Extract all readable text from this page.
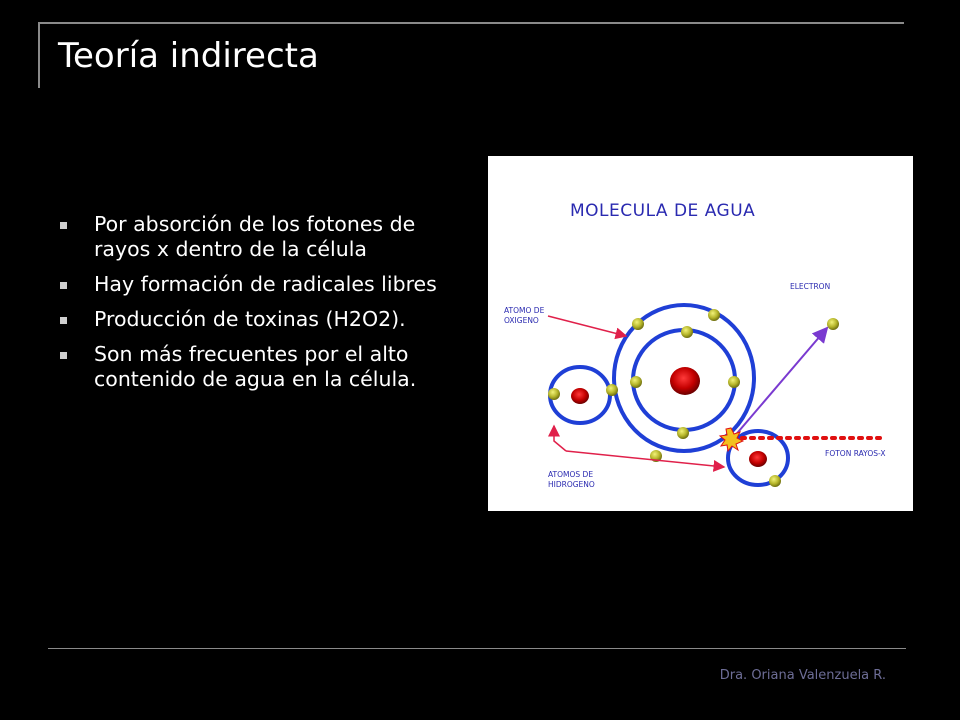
Teoría indirecta
Por absorción de los fotones de rayos x dentro de la célula
Hay formación de radicales libres
Producción de toxinas (H2O2).
Son más frecuentes por el alto contenido de agua en la célula.
MOLECULA DE AGUA
ELECTRON
ATOMO DE
OXIGENO
ATOMOS DE
HIDROGENO
FOTON RAYOS-X
Dra. Oriana Valenzuela R.
